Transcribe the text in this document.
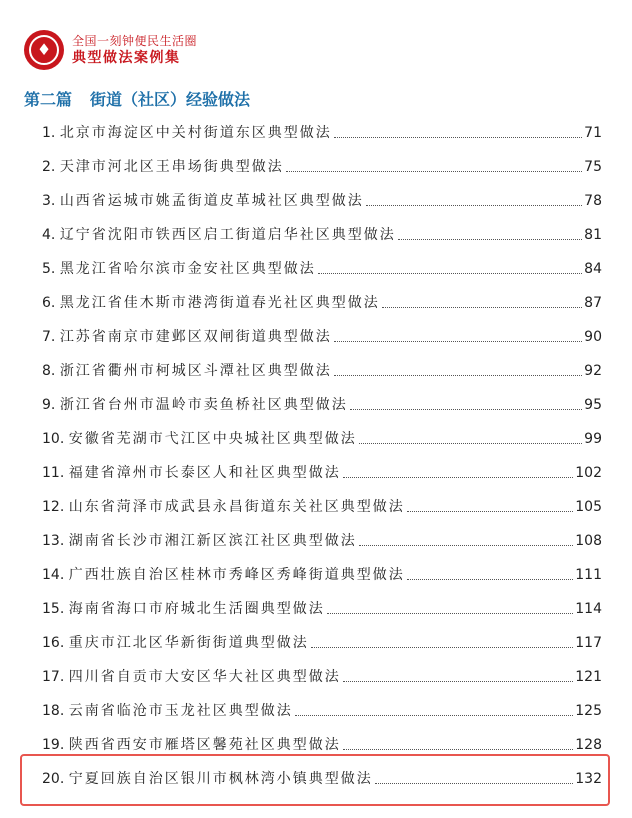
♦ 全国一刻钟便民生活圈
典型做法案例集
第二篇 街道（社区）经验做法
1.
北京市海淀区中关村街道东区典型做法	71
2.
天津市河北区王串场街典型做法	75
3.
山西省运城市姚孟街道皮革城社区典型做法	78
4.
辽宁省沈阳市铁西区启工街道启华社区典型做法	81
5.
黑龙江省哈尔滨市金安社区典型做法	84
6.
黑龙江省佳木斯市港湾街道春光社区典型做法	87
7.
江苏省南京市建邺区双闸街道典型做法	90
8.
浙江省衢州市柯城区斗潭社区典型做法	92
9.
浙江省台州市温岭市卖鱼桥社区典型做法	95
10.
安徽省芜湖市弋江区中央城社区典型做法	99
11.
福建省漳州市长泰区人和社区典型做法	102
12.
山东省菏泽市成武县永昌街道东关社区典型做法	105
13.
湖南省长沙市湘江新区滨江社区典型做法	108
14.
广西壮族自治区桂林市秀峰区秀峰街道典型做法	111
15.
海南省海口市府城北生活圈典型做法	114
16.
重庆市江北区华新街街道典型做法	117
17.
四川省自贡市大安区华大社区典型做法	121
18.
云南省临沧市玉龙社区典型做法	125
19.
陕西省西安市雁塔区馨苑社区典型做法	128
20.
宁夏回族自治区银川市枫林湾小镇典型做法	132
